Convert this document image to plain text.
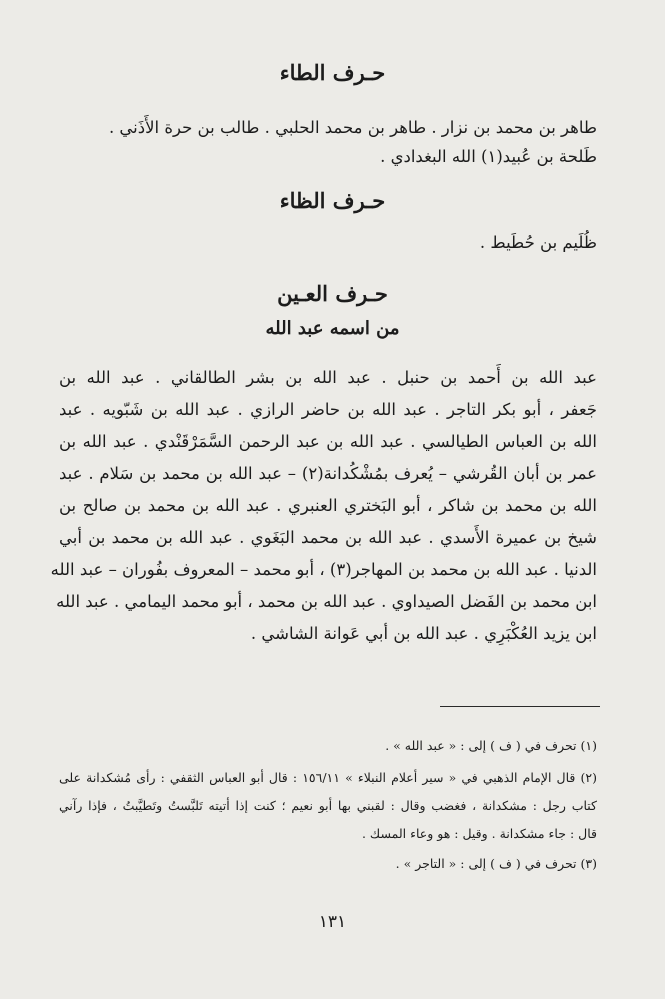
حـرف الطاء
طاهر بن محمد بن نزار . طاهر بن محمد الحلبي . طالب بن حرة الأَذَني .
طَلحة بن عُبيد(١) الله البغدادي .
حـرف الظاء
ظُلَيم بن حُطَيط .
حـرف العـين
من اسمه عبد الله
عبد الله بن أَحمد بن حنبل . عبد الله بن بشر الطالقاني . عبد الله بن
جَعفر ، أبو بكر التاجر . عبد الله بن حاضر الرازي . عبد الله بن شَبّويه . عبد
الله بن العباس الطيالسي . عبد الله بن عبد الرحمن السَّمَرْقَنْدي . عبد الله بن
عمر بن أبان القُرشي – يُعرف بمُشْكُدانة(٢) – عبد الله بن محمد بن سَلام . عبد
الله بن محمد بن شاكر ، أبو البَختري العنبري . عبد الله بن محمد بن صالح بن
شيخ بن عميرة الأَسدي . عبد الله بن محمد البَغَوي . عبد الله بن محمد بن أبي
الدنيا . عبد الله بن محمد بن المهاجر(٣) ، أبو محمد – المعروف بفُوران – عبد الله
ابن محمد بن الفَضل الصيداوي . عبد الله بن محمد ، أبو محمد اليمامي . عبد الله
ابن يزيد العُكْبَرِي . عبد الله بن أبي عَوانة الشاشي .
(١) تحرف في ( ف ) إلى : « عبد الله » .
(٢) قال الإمام الذهبي في « سير أعلام النبلاء » ١٥٦/١١ : قال أبو العباس الثقفي : رأى مُشكدانة على
كتاب رجل : مشكدانة ، فغضب وقال : لقبني بها أبو نعيم ؛ كنت إذا أتيته تَلبَّستُ وتَطيَّبتُ ، فإذا رآني
قال : جاء مشكدانة . وقيل : هو وعاء المسك .
(٣) تحرف في ( ف ) إلى : « التاجر » .
١٣١
